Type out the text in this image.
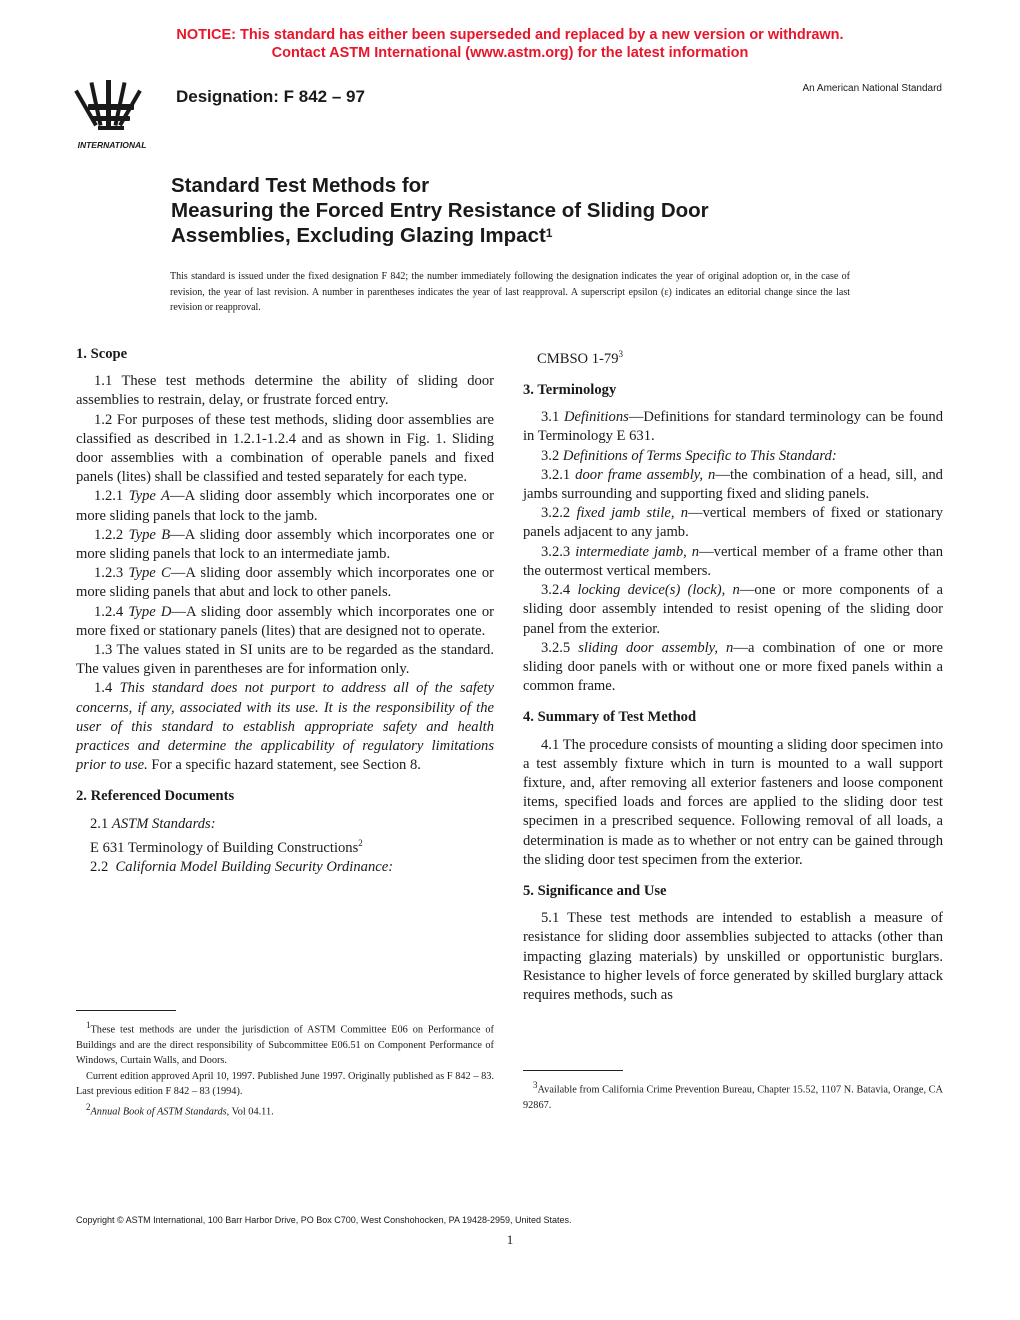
NOTICE: This standard has either been superseded and replaced by a new version or withdrawn.
Contact ASTM International (www.astm.org) for the latest information
INTERNATIONAL
Designation: F 842 – 97	An American National Standard
Standard Test Methods for
Measuring the Forced Entry Resistance of Sliding Door
Assemblies, Excluding Glazing Impact$^1$
This standard is issued under the fixed designation F 842; the number immediately following the designation indicates the year of original adoption or, in the case of revision, the year of last revision. A number in parentheses indicates the year of last reapproval. A superscript epsilon (ε) indicates an editorial change since the last revision or reapproval.
1. Scope

1.1 These test methods determine the ability of sliding door assemblies to restrain, delay, or frustrate forced entry.

1.2 For purposes of these test methods, sliding door assemblies are classified as described in 1.2.1-1.2.4 and as shown in Fig. 1. Sliding door assemblies with a combination of operable panels and fixed panels (lites) shall be classified and tested separately for each type.

1.2.1 Type A—A sliding door assembly which incorporates one or more sliding panels that lock to the jamb.

1.2.2 Type B—A sliding door assembly which incorporates one or more sliding panels that lock to an intermediate jamb.

1.2.3 Type C—A sliding door assembly which incorporates one or more sliding panels that abut and lock to other panels.

1.2.4 Type D—A sliding door assembly which incorporates one or more fixed or stationary panels (lites) that are designed not to operate.

1.3 The values stated in SI units are to be regarded as the standard. The values given in parentheses are for information only.

1.4 This standard does not purport to address all of the safety concerns, if any, associated with its use. It is the responsibility of the user of this standard to establish appropriate safety and health practices and determine the applicability of regulatory limitations prior to use. For a specific hazard statement, see Section 8.

2. Referenced Documents

2.1 ASTM Standards:

E 631 Terminology of Building Constructions$^2$

2.2 California Model Building Security Ordinance:

CMBSO $1-79^3$

3. Terminology

3.1 Definitions—Definitions for standard terminology can be found in Terminology E 631.

3.2 Definitions of Terms Specific to This Standard:

3.2.1 door frame assembly, n—the combination of a head, sill, and jambs surrounding and supporting fixed and sliding panels.

3.2.2 fixed jamb stile, n—vertical members of fixed or stationary panels adjacent to any jamb.

3.2.3 intermediate jamb, n—vertical member of a frame other than the outermost vertical members.

3.2.4 locking device(s) (lock), n—one or more components of a sliding door assembly intended to resist opening of the sliding door panel from the exterior.

3.2.5 sliding door assembly, n—a combination of one or more sliding door panels with or without one or more fixed panels within a common frame.

4. Summary of Test Method

4.1 The procedure consists of mounting a sliding door specimen into a test assembly fixture which in turn is mounted to a wall support fixture, and, after removing all exterior fasteners and loose component items, specified loads and forces are applied to the sliding door test specimen in a prescribed sequence. Following removal of all loads, a determination is made as to whether or not entry can be gained through the sliding door test specimen from the exterior.

5. Significance and Use

5.1 These test methods are intended to establish a measure of resistance for sliding door assemblies subjected to attacks (other than impacting glazing materials) by unskilled or opportunistic burglars. Resistance to higher levels of force generated by skilled burglary attack requires methods, such as

$^1$These test methods are under the jurisdiction of ASTM Committee E06 on Performance of Buildings and are the direct responsibility of Subcommittee E06.51 on Component Performance of Windows, Curtain Walls, and Doors.

Current edition approved April 10, 1997. Published June 1997. Originally published as F 842 – 83. Last previous edition F 842 – 83 (1994).

$^2$Annual Book of ASTM Standards, Vol 04.11.

$^3$Available from California Crime Prevention Bureau, Chapter 15.52, 1107 N. Batavia, Orange, CA 92867.

Copyright © ASTM International, 100 Barr Harbor Drive, PO Box C700, West Conshohocken, PA 19428-2959, United States.
1
